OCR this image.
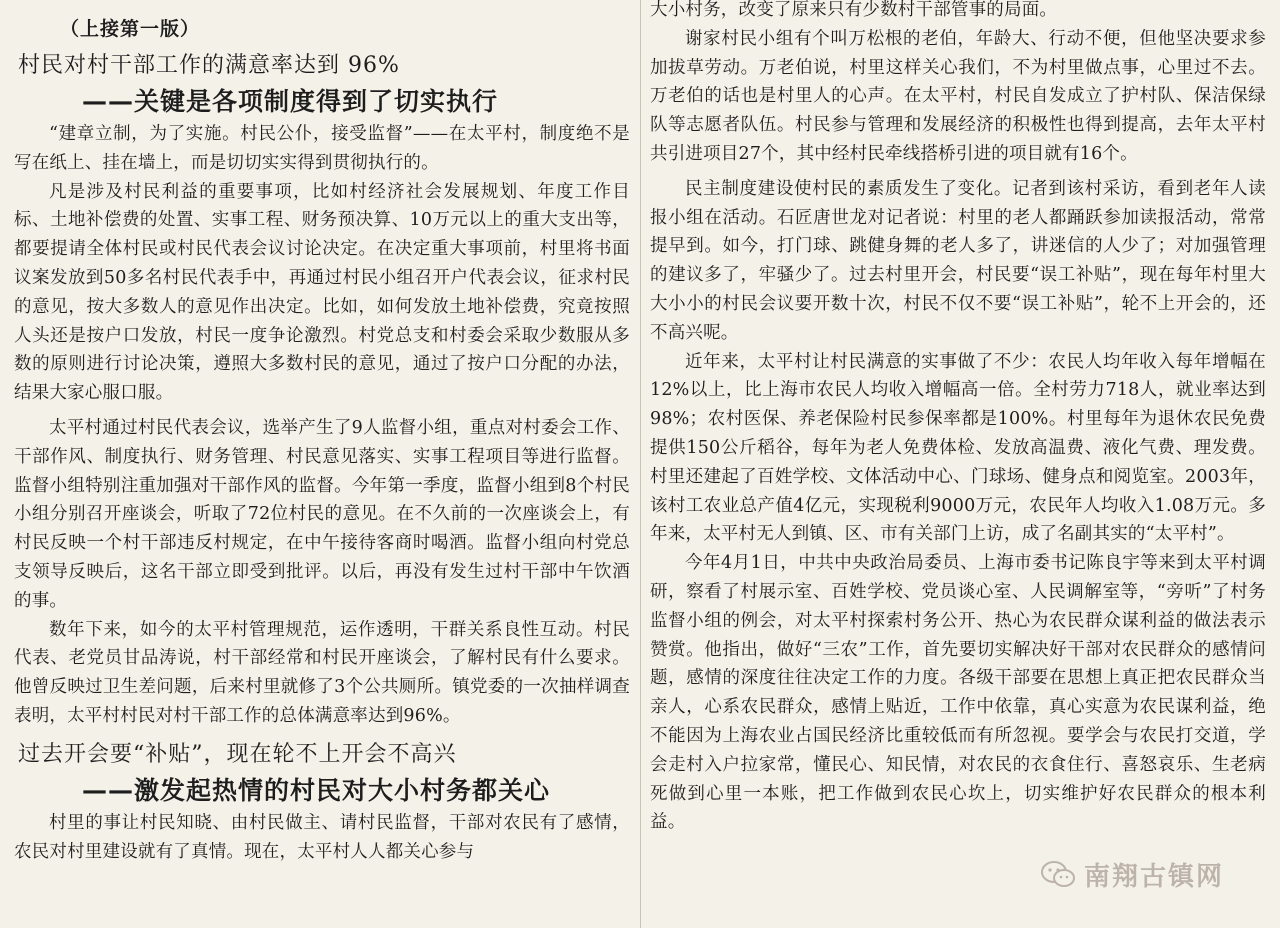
（上接第一版）
村民对村干部工作的满意率达到 96%
——关键是各项制度得到了切实执行

“建章立制，为了实施。村民公仆，接受监督”——在太平村，制度绝不是写在纸上、挂在墙上，而是切切实实得到贯彻执行的。

凡是涉及村民利益的重要事项，比如村经济社会发展规划、年度工作目标、土地补偿费的处置、实事工程、财务预决算、10万元以上的重大支出等，都要提请全体村民或村民代表会议讨论决定。在决定重大事项前，村里将书面议案发放到50多名村民代表手中，再通过村民小组召开户代表会议，征求村民的意见，按大多数人的意见作出决定。比如，如何发放土地补偿费，究竟按照人头还是按户口发放，村民一度争论激烈。村党总支和村委会采取少数服从多数的原则进行讨论决策，遵照大多数村民的意见，通过了按户口分配的办法，结果大家心服口服。

太平村通过村民代表会议，选举产生了9人监督小组，重点对村委会工作、干部作风、制度执行、财务管理、村民意见落实、实事工程项目等进行监督。监督小组特别注重加强对干部作风的监督。今年第一季度，监督小组到8个村民小组分别召开座谈会，听取了72位村民的意见。在不久前的一次座谈会上，有村民反映一个村干部违反村规定，在中午接待客商时喝酒。监督小组向村党总支领导反映后，这名干部立即受到批评。以后，再没有发生过村干部中午饮酒的事。

数年下来，如今的太平村管理规范，运作透明，干群关系良性互动。村民代表、老党员甘品涛说，村干部经常和村民开座谈会，了解村民有什么要求。他曾反映过卫生差问题，后来村里就修了3个公共厕所。镇党委的一次抽样调查表明，太平村村民对村干部工作的总体满意率达到96%。

过去开会要“补贴”，现在轮不上开会不高兴
——激发起热情的村民对大小村务都关心

村里的事让村民知晓、由村民做主、请村民监督，干部对农民有了感情，农民对村里建设就有了真情。现在，太平村人人都关心参与

大小村务，改变了原来只有少数村干部管事的局面。

谢家村民小组有个叫万松根的老伯，年龄大、行动不便，但他坚决要求参加拔草劳动。万老伯说，村里这样关心我们，不为村里做点事，心里过不去。万老伯的话也是村里人的心声。在太平村，村民自发成立了护村队、保洁保绿队等志愿者队伍。村民参与管理和发展经济的积极性也得到提高，去年太平村共引进项目27个，其中经村民牵线搭桥引进的项目就有16个。

民主制度建设使村民的素质发生了变化。记者到该村采访，看到老年人读报小组在活动。石匠唐世龙对记者说：村里的老人都踊跃参加读报活动，常常提早到。如今，打门球、跳健身舞的老人多了，讲迷信的人少了；对加强管理的建议多了，牢骚少了。过去村里开会，村民要“误工补贴”，现在每年村里大大小小的村民会议要开数十次，村民不仅不要“误工补贴”，轮不上开会的，还不高兴呢。

近年来，太平村让村民满意的实事做了不少：农民人均年收入每年增幅在12%以上，比上海市农民人均收入增幅高一倍。全村劳力718人，就业率达到98%；农村医保、养老保险村民参保率都是100%。村里每年为退休农民免费提供150公斤稻谷，每年为老人免费体检、发放高温费、液化气费、理发费。村里还建起了百姓学校、文体活动中心、门球场、健身点和阅览室。2003年，该村工农业总产值4亿元，实现税利9000万元，农民年人均收入1.08万元。多年来，太平村无人到镇、区、市有关部门上访，成了名副其实的“太平村”。

今年4月1日，中共中央政治局委员、上海市委书记陈良宇等来到太平村调研，察看了村展示室、百姓学校、党员谈心室、人民调解室等，“旁听”了村务监督小组的例会，对太平村探索村务公开、热心为农民群众谋利益的做法表示赞赏。他指出，做好“三农”工作，首先要切实解决好干部对农民群众的感情问题，感情的深度往往决定工作的力度。各级干部要在思想上真正把农民群众当亲人，心系农民群众，感情上贴近，工作中依靠，真心实意为农民谋利益，绝不能因为上海农业占国民经济比重较低而有所忽视。要学会与农民打交道，学会走村入户拉家常，懂民心、知民情，对农民的衣食住行、喜怒哀乐、生老病死做到心里一本账，把工作做到农民心坎上，切实维护好农民群众的根本利益。

南翔古镇网
